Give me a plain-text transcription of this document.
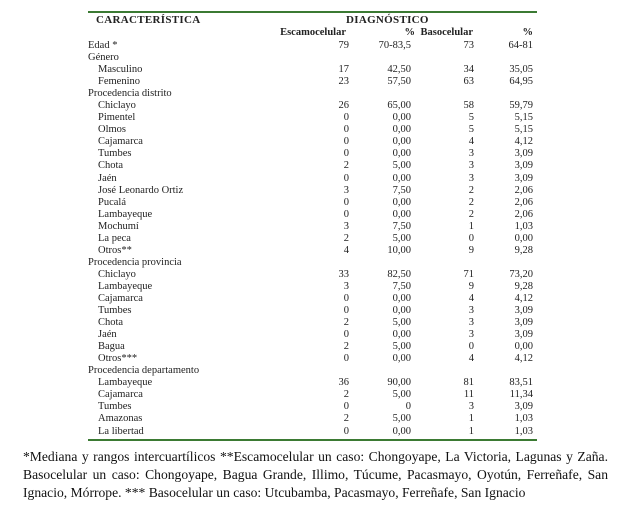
CARACTERÍSTICA	DIAGNÓSTICO
Escamocelular	% Basocelular	%
Edad *	79	70-83,5	73	64-81
Género
Masculino	17	42,50	34	35,05
Femenino	23	57,50	63	64,95
Procedencia distrito
Chiclayo	26	65,00	58	59,79
Pimentel	0	0,00	5	5,15
Olmos	0	0,00	5	5,15
Cajamarca	0	0,00	4	4,12
Tumbes	0	0,00	3	3,09
Chota	2	5,00	3	3,09
Jaén	0	0,00	3	3,09
José Leonardo Ortiz	3	7,50	2	2,06
Pucalá	0	0,00	2	2,06
Lambayeque	0	0,00	2	2,06
Mochumí	3	7,50	1	1,03
La peca	2	5,00	0	0,00
Otros**	4	10,00	9	9,28
Procedencia provincia
Chiclayo	33	82,50	71	73,20
Lambayeque	3	7,50	9	9,28
Cajamarca	0	0,00	4	4,12
Tumbes	0	0,00	3	3,09
Chota	2	5,00	3	3,09
Jaén	0	0,00	3	3,09
Bagua	2	5,00	0	0,00
Otros***	0	0,00	4	4,12
Procedencia departamento
Lambayeque	36	90,00	81	83,51
Cajamarca	2	5,00	11	11,34
Tumbes	0	0	3	3,09
Amazonas	2	5,00	1	1,03
La libertad	0	0,00	1	1,03
*Mediana y rangos intercuartílicos **Escamocelular un caso: Chongoyape, La Victoria, Lagunas y Zaña. Basocelular un caso: Chongoyape, Bagua Grande, Illimo, Túcume, Pacasmayo, Oyotún, Ferreñafe, San Ignacio, Mórrope. *** Basocelular un caso: Utcubamba, Pacasmayo, Ferreñafe, San Ignacio
